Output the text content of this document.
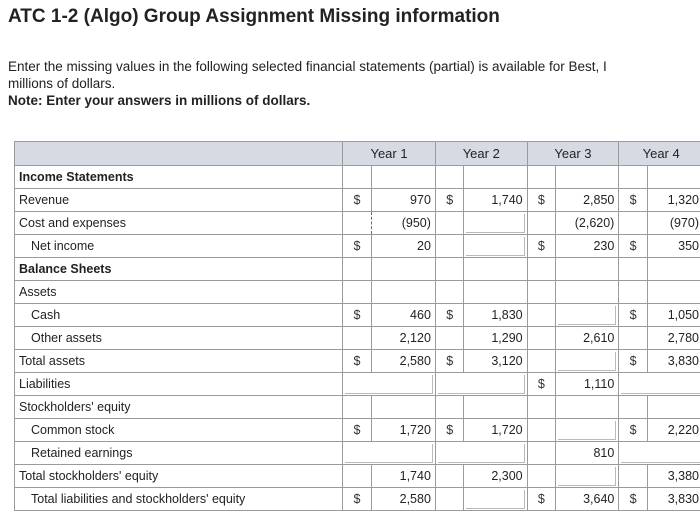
ATC 1-2 (Algo) Group Assignment Missing information
Enter the missing values in the following selected financial statements (partial) is available for Best, I
millions of dollars.
Note: Enter your answers in millions of dollars.
	Year 1		Year 2		Year 3		Year 4	
Income Statements								
Revenue	$	970	$	1,740	$	2,850	$	1,320
Cost and expenses		(950)				(2,620)		(970)
Net income	$	20			$	230	$	350
Balance Sheets								
Assets								
Cash	$	460	$	1,830			$	1,050
Other assets		2,120		1,290		2,610		2,780
Total assets	$	2,580	$	3,120			$	3,830
Liabilities					$	1,110		

Stockholders' equity								
Common stock	$	1,720	$	1,720			$	2,220
Retained earnings						810		

Total stockholders' equity		1,740		2,300				3,380
Total liabilities and stockholders' equity	$	2,580			$	3,640	$	3,830
